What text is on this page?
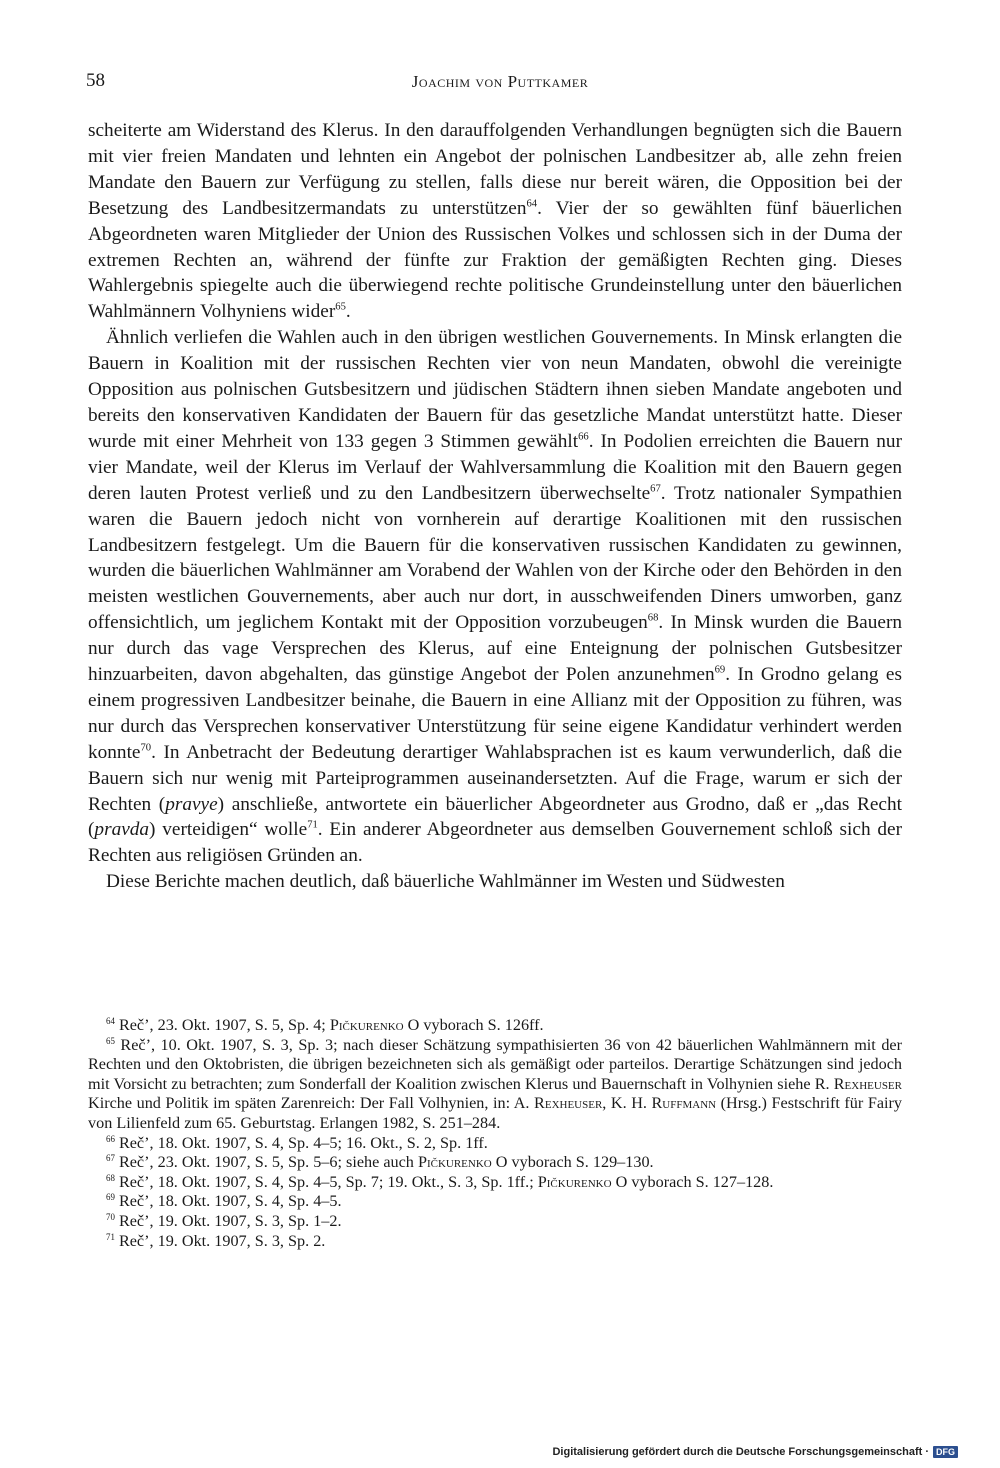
58	Joachim von Puttkamer

scheiterte am Widerstand des Klerus. In den darauffolgenden Verhandlungen begnügten sich die Bauern mit vier freien Mandaten und lehnten ein Angebot der polnischen Landbesitzer ab, alle zehn freien Mandate den Bauern zur Verfügung zu stellen, falls diese nur bereit wären, die Opposition bei der Besetzung des Landbesitzermandats zu unterstützen$^{64}$. Vier der so gewählten fünf bäuerlichen Abgeordneten waren Mitglieder der Union des Russischen Volkes und schlossen sich in der Duma der extremen Rechten an, während der fünfte zur Fraktion der gemäßigten Rechten ging. Dieses Wahlergebnis spiegelte auch die überwiegend rechte politische Grundeinstellung unter den bäuerlichen Wahlmännern Volhyniens wider$^{65}$.

Ähnlich verliefen die Wahlen auch in den übrigen westlichen Gouvernements. In Minsk erlangten die Bauern in Koalition mit der russischen Rechten vier von neun Mandaten, obwohl die vereinigte Opposition aus polnischen Gutsbesitzern und jüdischen Städtern ihnen sieben Mandate angeboten und bereits den konservativen Kandidaten der Bauern für das gesetzliche Mandat unterstützt hatte. Dieser wurde mit einer Mehrheit von 133 gegen 3 Stimmen gewählt$^{66}$. In Podolien erreichten die Bauern nur vier Mandate, weil der Klerus im Verlauf der Wahlversammlung die Koalition mit den Bauern gegen deren lauten Protest verließ und zu den Landbesitzern überwechselte$^{67}$. Trotz nationaler Sympathien waren die Bauern jedoch nicht von vornherein auf derartige Koalitionen mit den russischen Landbesitzern festgelegt. Um die Bauern für die konservativen russischen Kandidaten zu gewinnen, wurden die bäuerlichen Wahlmänner am Vorabend der Wahlen von der Kirche oder den Behörden in den meisten westlichen Gouvernements, aber auch nur dort, in ausschweifenden Diners umworben, ganz offensichtlich, um jeglichem Kontakt mit der Opposition vorzubeugen$^{68}$. In Minsk wurden die Bauern nur durch das vage Versprechen des Klerus, auf eine Enteignung der polnischen Gutsbesitzer hinzuarbeiten, davon abgehalten, das günstige Angebot der Polen anzunehmen$^{69}$. In Grodno gelang es einem progressiven Landbesitzer beinahe, die Bauern in eine Allianz mit der Opposition zu führen, was nur durch das Versprechen konservativer Unterstützung für seine eigene Kandidatur verhindert werden konnte$^{70}$. In Anbetracht der Bedeutung derartiger Wahlabsprachen ist es kaum verwunderlich, daß die Bauern sich nur wenig mit Parteiprogrammen auseinandersetzten. Auf die Frage, warum er sich der Rechten (pravye) anschließe, antwortete ein bäuerlicher Abgeordneter aus Grodno, daß er „das Recht (pravda) verteidigen“ wolle$^{71}$. Ein anderer Abgeordneter aus demselben Gouvernement schloß sich der Rechten aus religiösen Gründen an.

Diese Berichte machen deutlich, daß bäuerliche Wahlmänner im Westen und Südwesten

$^{64}$ Reč’, 23. Okt. 1907, S. 5, Sp. 4; Pičkurenko O vyborach S. 126ff.

$^{65}$ Reč’, 10. Okt. 1907, S. 3, Sp. 3; nach dieser Schätzung sympathisierten 36 von 42 bäuerlichen Wahlmännern mit der Rechten und den Oktobristen, die übrigen bezeichneten sich als gemäßigt oder parteilos. Derartige Schätzungen sind jedoch mit Vorsicht zu betrachten; zum Sonderfall der Koalition zwischen Klerus und Bauernschaft in Volhynien siehe R. Rexheuser Kirche und Politik im späten Zarenreich: Der Fall Volhynien, in: A. Rexheuser, K. H. Ruffmann (Hrsg.) Festschrift für Fairy von Lilienfeld zum 65. Geburtstag. Erlangen 1982, S. 251–284.

$^{66}$ Reč’, 18. Okt. 1907, S. 4, Sp. 4–5; 16. Okt., S. 2, Sp. 1ff.

$^{67}$ Reč’, 23. Okt. 1907, S. 5, Sp. 5–6; siehe auch Pičkurenko O vyborach S. 129–130.

$^{68}$ Reč’, 18. Okt. 1907, S. 4, Sp. 4–5, Sp. 7; 19. Okt., S. 3, Sp. 1ff.; Pičkurenko O vyborach S. 127–128.

$^{69}$ Reč’, 18. Okt. 1907, S. 4, Sp. 4–5.

$^{70}$ Reč’, 19. Okt. 1907, S. 3, Sp. 1–2.

$^{71}$ Reč’, 19. Okt. 1907, S. 3, Sp. 2.

Digitalisierung gefördert durch die Deutsche Forschungsgemeinschaft · DFG
